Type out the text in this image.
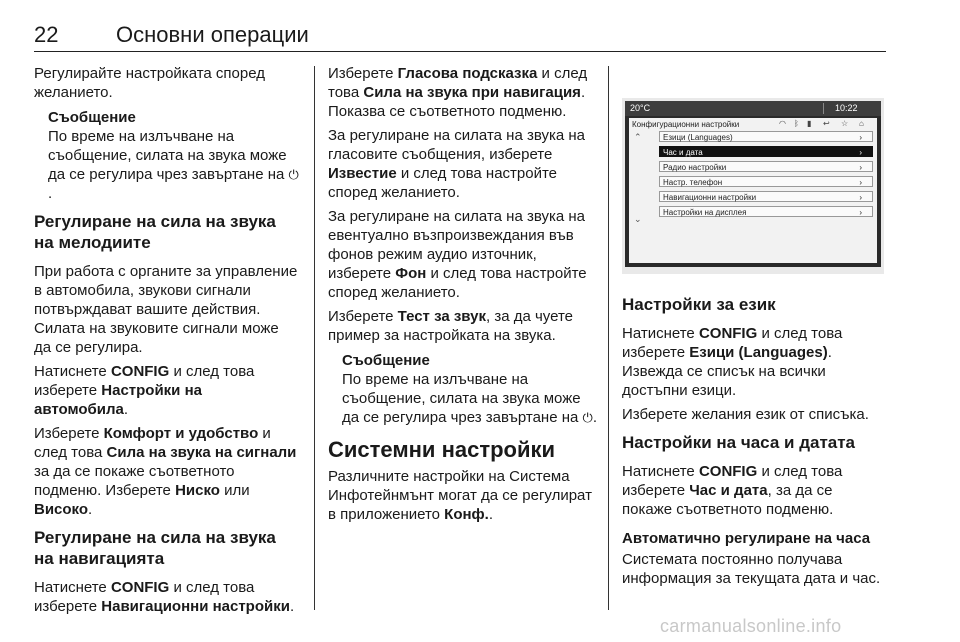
22	Основни операции

Регулирайте настройката според желанието.

Съобщение
По време на излъчване на съобщение, силата на звука може да се регулира чрез завъртане на ⏻.
Регулиране на сила на звука на мелодиите

При работа с органите за управление в автомобила, звукови сигнали потвърждават вашите действия. Силата на звуковите сигнали може да се регулира.

Натиснете CONFIG и след това изберете Настройки на автомобила.

Изберете Комфорт и удобство и след това Сила на звука на сигнали за да се покаже съответното подменю. Изберете Ниско или Високо.

Регулиране на сила на звука на навигацията

Натиснете CONFIG и след това изберете Навигационни настройки.

Изберете Гласова подсказка и след това Сила на звука при навигация. Показва се съответното подменю.

За регулиране на силата на звука на гласовите съобщения, изберете Известие и след това настройте според желанието.

За регулиране на силата на звука на евентуално възпроизвеждания във фонов режим аудио източник, изберете Фон и след това настройте според желанието.

Изберете Тест за звук, за да чуете пример за настройката на звука.

Съобщение
По време на излъчване на съобщение, силата на звука може да се регулира чрез завъртане на ⏻.
Системни настройки

Различните настройки на Система Инфотейнмънт могат да се регулират в приложението Конф..

20°C	10:22
Конфигурационни настройки	◠ ᛒ ▮ ↩ ☆ ⌂
⌃
⌄
Езици (Languages)	›
Час и дата	›
Радио настройки	›
Настр. телефон	›
Навигационни настройки	›
Настройки на дисплея	›
Настройки за език

Натиснете CONFIG и след това изберете Езици (Languages). Извежда се списък на всички достъпни езици.

Изберете желания език от списъка.

Настройки на часа и датата

Натиснете CONFIG и след това изберете Час и дата, за да се покаже съответното подменю.

Автоматично регулиране на часа

Системата постоянно получава информация за текущата дата и час.

carmanualsonline.info
